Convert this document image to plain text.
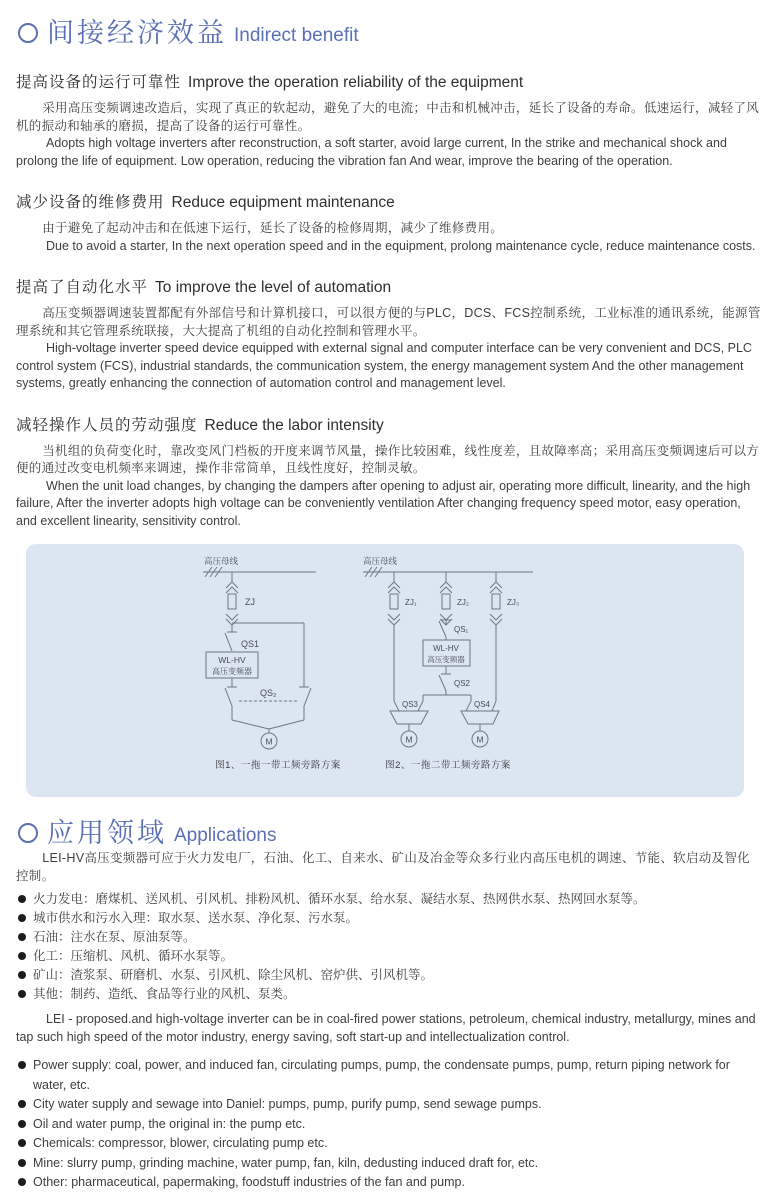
间接经济效益 Indirect benefit
提高设备的运行可靠性 Improve the operation reliability of the equipment

采用高压变频调速改造后，实现了真正的软起动，避免了大的电流；中击和机械冲击，延长了设备的寿命。低速运行，减轻了风机的振动和轴承的磨损，提高了设备的运行可靠性。

Adopts high voltage inverters after reconstruction, a soft starter, avoid large current, In the strike and mechanical shock and prolong the life of equipment. Low operation, reducing the vibration fan And wear, improve the bearing of the operation.

减少设备的维修费用 Reduce equipment maintenance

由于避免了起动冲击和在低速下运行，延长了设备的检修周期，减少了维修费用。

Due to avoid a starter, In the next operation speed and in the equipment, prolong maintenance cycle, reduce maintenance costs.

提高了自动化水平 To improve the level of automation

高压变频器调速装置都配有外部信号和计算机接口，可以很方便的与PLC，DCS、FCS控制系统，工业标准的通讯系统，能源管理系统和其它管理系统联接，大大提高了机组的自动化控制和管理水平。

High-voltage inverter speed device equipped with external signal and computer interface can be very convenient and DCS, PLC control system (FCS), industrial standards, the communication system, the energy management system And the other management systems, greatly enhancing the connection of automation control and management level.

减轻操作人员的劳动强度 Reduce the labor intensity

当机组的负荷变化时，靠改变风门档板的开度来调节风量，操作比较困难，线性度差，且故障率高；采用高压变频调速后可以方便的通过改变电机频率来调速，操作非常简单，且线性度好，控制灵敏。

When the unit load changes, by changing the dampers after opening to adjust air, operating more difficult, linearity, and the high failure, After the inverter adopts high voltage can be conveniently ventilation After changing frequency speed motor, easy operation, and excellent linearity, sensitivity control.

高压母线
ZJ
QS1
WL-HV
高压变频器
QS₂
M
图1、一拖一带工频旁路方案
高压母线
ZJ₁	ZJ₂	ZJ₃
QS₁
WL-HV
高压变频器
QS2
QS3
M
QS4
M
图2、一拖二带工频旁路方案
应用领域 Applications

LEI-HV高压变频器可应于火力发电厂，石油、化工、自来水、矿山及冶金等众多行业内高压电机的调速、节能、软启动及智化控制。

火力发电：磨煤机、送风机、引风机、排粉风机、循环水泵、给水泵、凝结水泵、热网供水泵、热网回水泵等。
城市供水和污水入理：取水泵、送水泵、净化泵、污水泵。
石油：注水在泵、原油泵等。
化工：压缩机、风机、循环水泵等。
矿山：渣浆泵、研磨机、水泵、引风机、除尘风机、窑炉供、引风机等。
其他：制药、造纸、食品等行业的风机、泵类。

LEI - proposed.and high-voltage inverter can be in coal-fired power stations, petroleum, chemical industry, metallurgy, mines and tap such high speed of the motor industry, energy saving, soft start-up and intellectualization control.

Power supply: coal, power, and induced fan, circulating pumps, pump, the condensate pumps, pump, return piping network for water, etc.
City water supply and sewage into Daniel: pumps, pump, purify pump, send sewage pumps.
Oil and water pump, the original in: the pump etc.
Chemicals: compressor, blower, circulating pump etc.
Mine: slurry pump, grinding machine, water pump, fan, kiln, dedusting induced draft for, etc.
Other: pharmaceutical, papermaking, foodstuff industries of the fan and pump.
